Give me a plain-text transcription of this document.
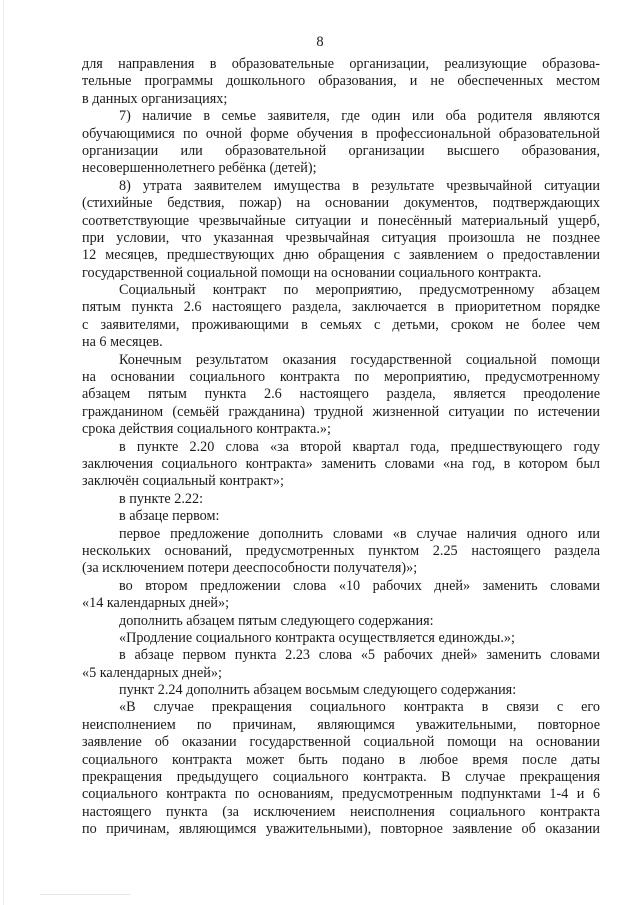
8
для направления в образовательные организации, реализующие образова-
тельные программы дошкольного образования, и не обеспеченных местом
в данных организациях;
7) наличие в семье заявителя, где один или оба родителя являются
обучающимися по очной форме обучения в профессиональной образовательной
организации или образовательной организации высшего образования,
несовершеннолетнего ребёнка (детей);
8) утрата заявителем имущества в результате чрезвычайной ситуации
(стихийные бедствия, пожар) на основании документов, подтверждающих
соответствующие чрезвычайные ситуации и понесённый материальный ущерб,
при условии, что указанная чрезвычайная ситуация произошла не позднее
12 месяцев, предшествующих дню обращения с заявлением о предоставлении
государственной социальной помощи на основании социального контракта.
Социальный контракт по мероприятию, предусмотренному абзацем
пятым пункта 2.6 настоящего раздела, заключается в приоритетном порядке
с заявителями, проживающими в семьях с детьми, сроком не более чем
на 6 месяцев.
Конечным результатом оказания государственной социальной помощи
на основании социального контракта по мероприятию, предусмотренному
абзацем пятым пункта 2.6 настоящего раздела, является преодоление
гражданином (семьёй гражданина) трудной жизненной ситуации по истечении
срока действия социального контракта.»;
в пункте 2.20 слова «за второй квартал года, предшествующего году
заключения социального контракта» заменить словами «на год, в котором был
заключён социальный контракт»;
в пункте 2.22:
в абзаце первом:
первое предложение дополнить словами «в случае наличия одного или
нескольких оснований, предусмотренных пунктом 2.25 настоящего раздела
(за исключением потери дееспособности получателя)»;
во втором предложении слова «10 рабочих дней» заменить словами
«14 календарных дней»;
дополнить абзацем пятым следующего содержания:
«Продление социального контракта осуществляется единожды.»;
в абзаце первом пункта 2.23 слова «5 рабочих дней» заменить словами
«5 календарных дней»;
пункт 2.24 дополнить абзацем восьмым следующего содержания:
«В случае прекращения социального контракта в связи с его
неисполнением по причинам, являющимся уважительными, повторное
заявление об оказании государственной социальной помощи на основании
социального контракта может быть подано в любое время после даты
прекращения предыдущего социального контракта. В случае прекращения
социального контракта по основаниям, предусмотренным подпунктами 1-4 и 6
настоящего пункта (за исключением неисполнения социального контракта
по причинам, являющимся уважительными), повторное заявление об оказании
